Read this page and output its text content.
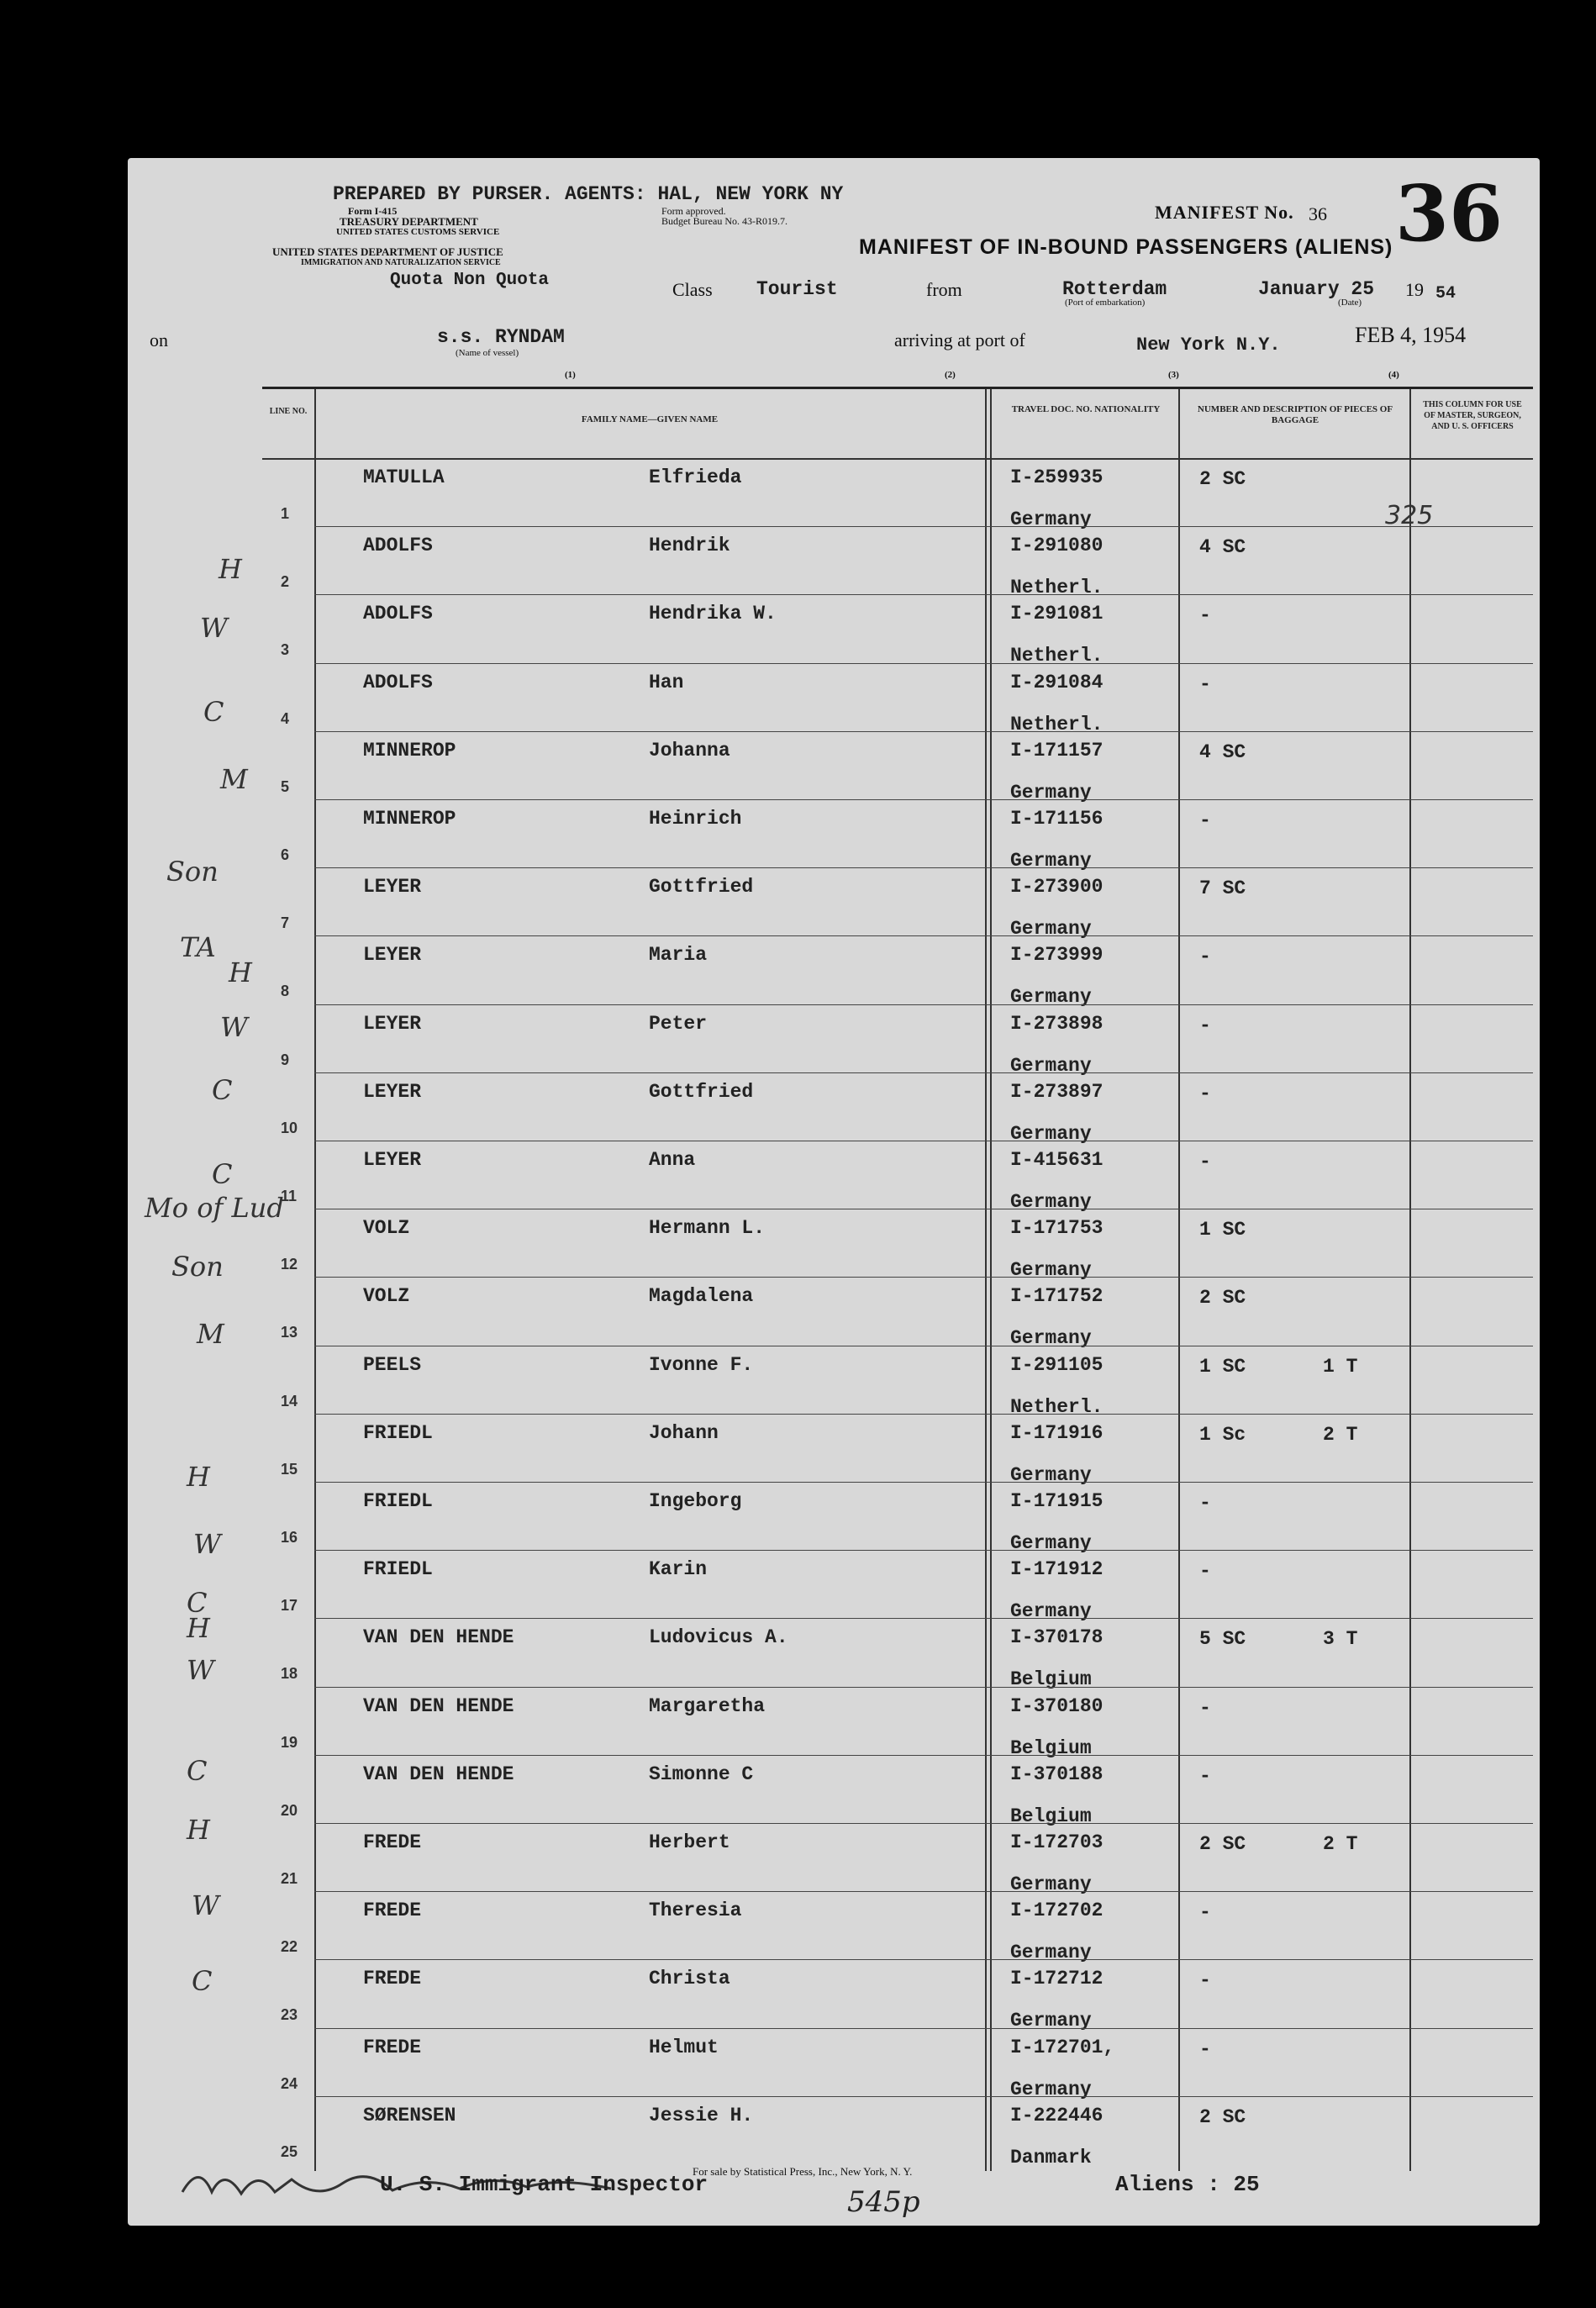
PREPARED BY PURSER. AGENTS: HAL, NEW YORK NY
Form I-415	Form approved.
Budget Bureau No. 43-R019.7.
TREASURY DEPARTMENT
UNITED STATES CUSTOMS SERVICE
UNITED STATES DEPARTMENT OF JUSTICE
IMMIGRATION AND NATURALIZATION SERVICE
Quota Non Quota
MANIFEST No. 36 36
MANIFEST OF IN-BOUND PASSENGERS (ALIENS)
Class Tourist	from	Rotterdam
(Port of embarkation)
January 25
(Date)
19 54
on	s.s. RYNDAM
(Name of vessel)
arriving at port of	New York N.Y.	FEB 4, 1954
(1)	(2)	(3)	(4)
LINE NO.
FAMILY NAME—GIVEN NAME
TRAVEL DOC. NO. NATIONALITY	NUMBER AND DESCRIPTION OF PIECES OF BAGGAGE
THIS COLUMN FOR USE OF MASTER, SURGEON, AND U. S. OFFICERS
1
MATULLA	Elfrieda	I-259935
Germany
2 SC
2
ADOLFS	Hendrik	I-291080
Netherl.
4 SC
3
ADOLFS	Hendrika W.	I-291081
Netherl.
-
4
ADOLFS	Han	I-291084
Netherl.
-
5
MINNEROP	Johanna	I-171157
Germany
4 SC
6
MINNEROP	Heinrich	I-171156
Germany
-
7
LEYER	Gottfried	I-273900
Germany
7 SC
8
LEYER	Maria	I-273999
Germany
-
9
LEYER	Peter	I-273898
Germany
-
10
LEYER	Gottfried	I-273897
Germany
-
11
LEYER	Anna	I-415631
Germany
-
12
VOLZ	Hermann L.	I-171753
Germany
1 SC
13
VOLZ	Magdalena	I-171752
Germany
2 SC
14
PEELS	Ivonne F.	I-291105
Netherl.
1 SC	1 T
15
FRIEDL	Johann	I-171916
Germany
1 Sc	2 T
16
FRIEDL	Ingeborg	I-171915
Germany
-
17
FRIEDL	Karin	I-171912
Germany
-
18
VAN DEN HENDE	Ludovicus A.	I-370178
Belgium
5 SC	3 T
19
VAN DEN HENDE	Margaretha	I-370180
Belgium
-
20
VAN DEN HENDE	Simonne C	I-370188
Belgium
-
21
FREDE	Herbert	I-172703
Germany
2 SC	2 T
22
FREDE	Theresia	I-172702
Germany
-
23
FREDE	Christa	I-172712
Germany
-
24
FREDE	Helmut	I-172701,
Germany
-
25
SØRENSEN	Jessie H.	I-222446
Danmark
2 SC
325
H
W
C
M
Son
TA
H
W
C
C
Mo of Lud
Son
M
H
W
C
H
W
C
H
W
C
U. S. Immigrant Inspector
For sale by Statistical Press, Inc., New York, N. Y.
545p
Aliens : 25
